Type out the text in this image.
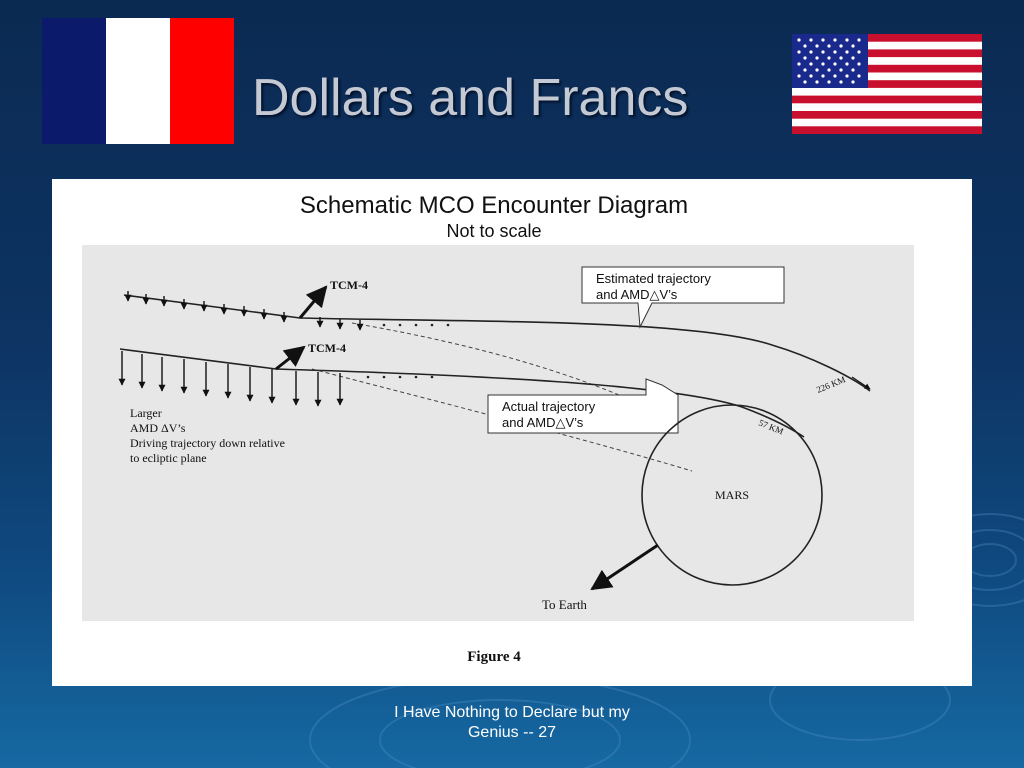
Dollars and Francs
Schematic MCO Encounter Diagram
Not to scale
TCM-4
TCM-4
Estimated trajectory
and AMD△V’s
Actual trajectory
and AMD△V’s
Larger
AMD ΔV’s
Driving trajectory down relative
to ecliptic plane
226 KM
57 KM
MARS
To Earth
Figure 4
I Have Nothing to Declare but my
Genius -- 27
